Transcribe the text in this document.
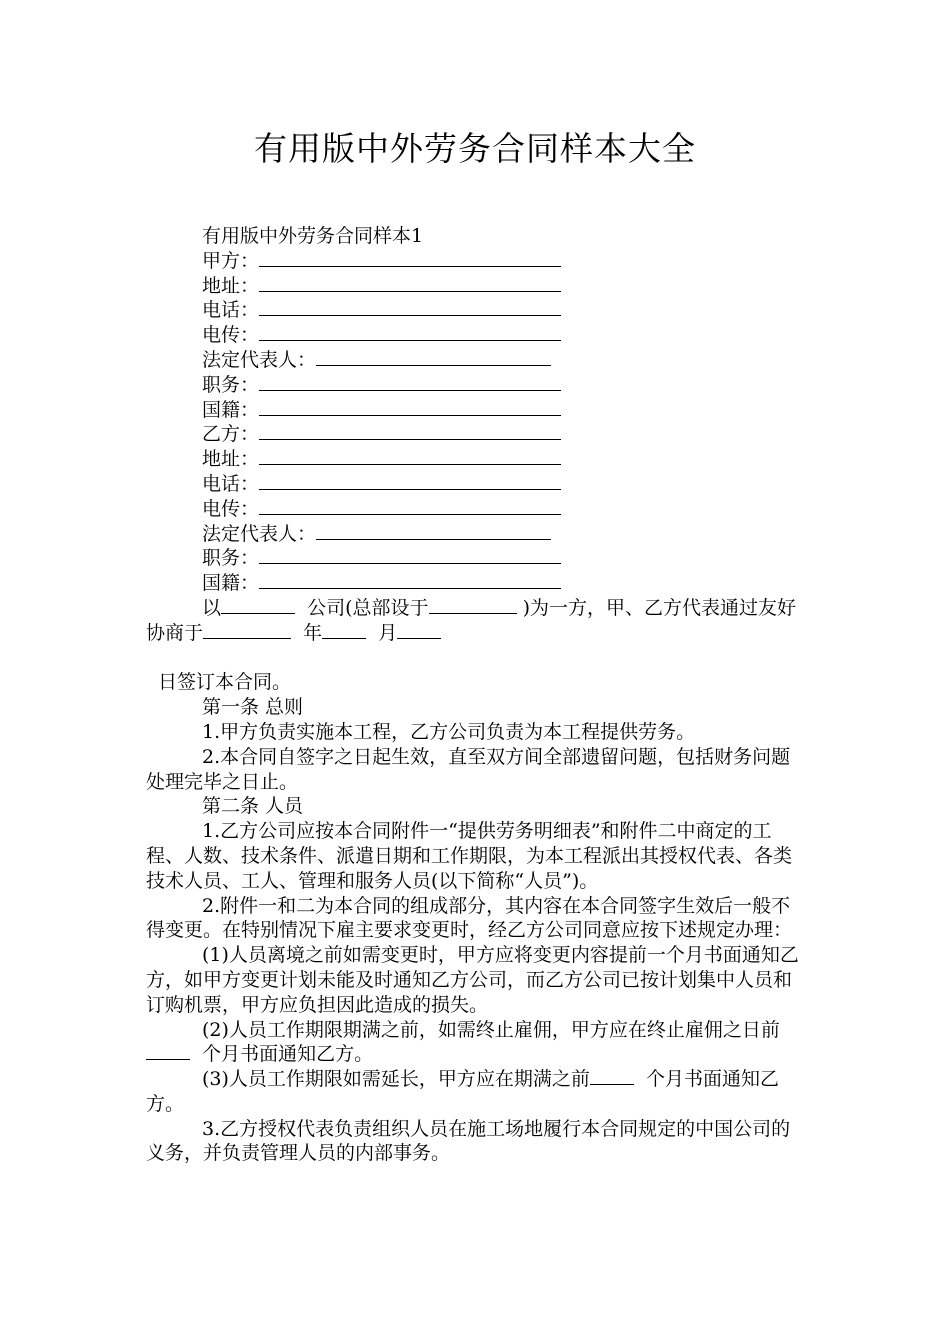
有用版中外劳务合同样本大全

有用版中外劳务合同样本1

甲方：
地址：
电话：
电传：
法定代表人：
职务：
国籍：
乙方：
地址：
电话：
电传：
法定代表人：
职务：
国籍：

以	公司(总部设于	)为一方，甲、乙方代表通过友好协商于	年	月

日签订本合同。

第一条 总则

1.甲方负责实施本工程，乙方公司负责为本工程提供劳务。

2.本合同自签字之日起生效，直至双方间全部遗留问题，包括财务问题处理完毕之日止。

第二条 人员

1.乙方公司应按本合同附件一“提供劳务明细表”和附件二中商定的工程、人数、技术条件、派遣日期和工作期限，为本工程派出其授权代表、各类技术人员、工人、管理和服务人员(以下简称“人员”)。

2.附件一和二为本合同的组成部分，其内容在本合同签字生效后一般不得变更。在特别情况下雇主要求变更时，经乙方公司同意应按下述规定办理：

(1)人员离境之前如需变更时，甲方应将变更内容提前一个月书面通知乙方，如甲方变更计划未能及时通知乙方公司，而乙方公司已按计划集中人员和订购机票，甲方应负担因此造成的损失。

(2)人员工作期限期满之前，如需终止雇佣，甲方应在终止雇佣之日前  个月书面通知乙方。

(3)人员工作期限如需延长，甲方应在期满之前	个月书面通知乙方。

3.乙方授权代表负责组织人员在施工场地履行本合同规定的中国公司的义务，并负责管理人员的内部事务。
